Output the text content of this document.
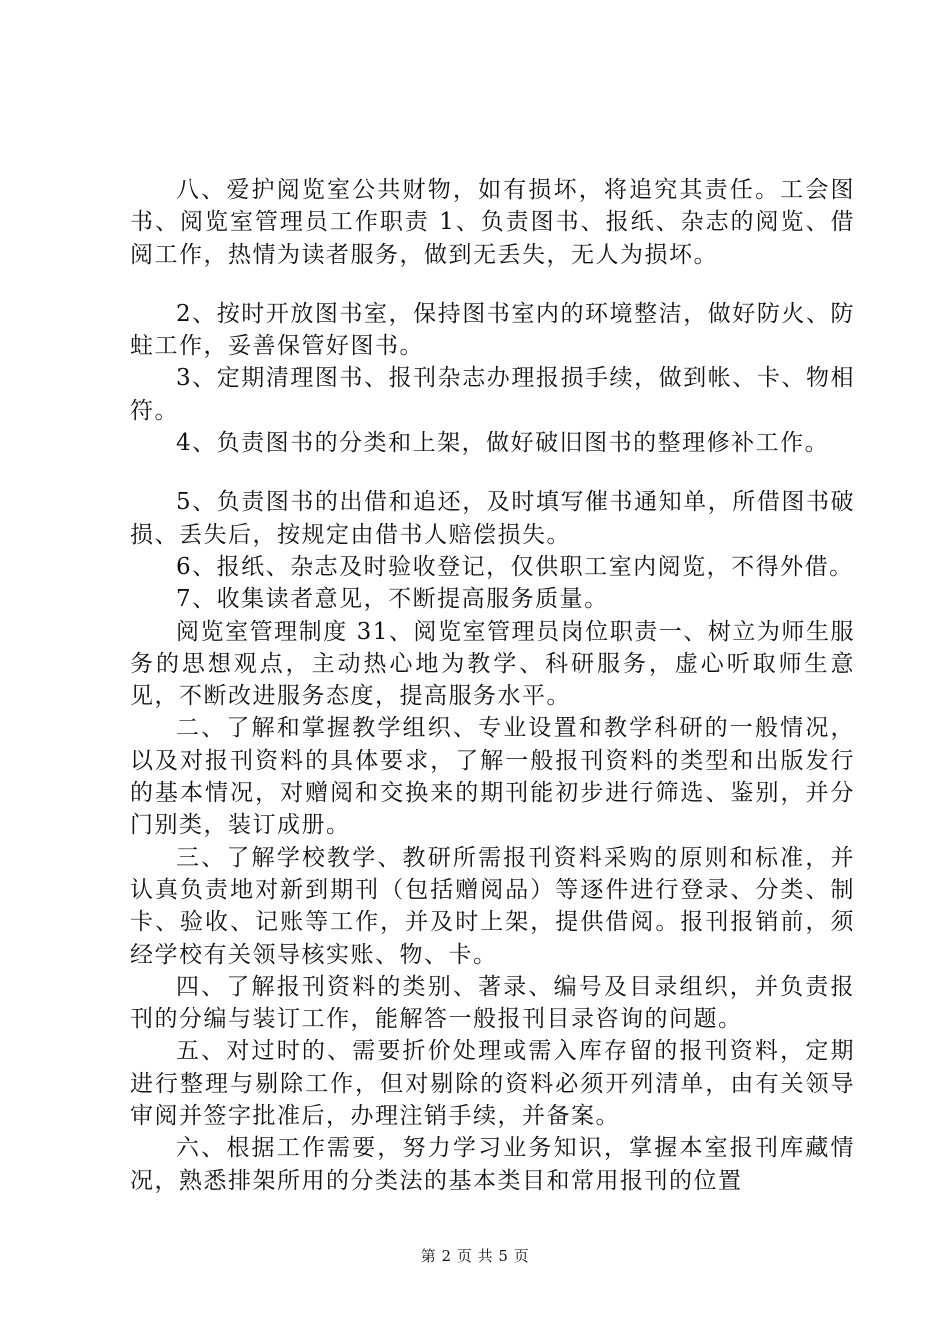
八、爱护阅览室公共财物，如有损坏，将追究其责任。工会图书、阅览室管理员工作职责 1、负责图书、报纸、杂志的阅览、借阅工作，热情为读者服务，做到无丢失，无人为损坏。

2、按时开放图书室，保持图书室内的环境整洁，做好防火、防蛀工作，妥善保管好图书。

3、定期清理图书、报刊杂志办理报损手续，做到帐、卡、物相符。

4、负责图书的分类和上架，做好破旧图书的整理修补工作。

5、负责图书的出借和追还，及时填写催书通知单，所借图书破损、丢失后，按规定由借书人赔偿损失。

6、报纸、杂志及时验收登记，仅供职工室内阅览，不得外借。

7、收集读者意见，不断提高服务质量。

阅览室管理制度 31、阅览室管理员岗位职责一、树立为师生服务的思想观点，主动热心地为教学、科研服务，虚心听取师生意见，不断改进服务态度，提高服务水平。

二、了解和掌握教学组织、专业设置和教学科研的一般情况，以及对报刊资料的具体要求，了解一般报刊资料的类型和出版发行的基本情况，对赠阅和交换来的期刊能初步进行筛选、鉴别，并分门别类，装订成册。

三、了解学校教学、教研所需报刊资料采购的原则和标准，并认真负责地对新到期刊（包括赠阅品）等逐件进行登录、分类、制卡、验收、记账等工作，并及时上架，提供借阅。报刊报销前，须经学校有关领导核实账、物、卡。

四、了解报刊资料的类别、著录、编号及目录组织，并负责报刊的分编与装订工作，能解答一般报刊目录咨询的问题。

五、对过时的、需要折价处理或需入库存留的报刊资料，定期进行整理与剔除工作，但对剔除的资料必须开列清单，由有关领导审阅并签字批准后，办理注销手续，并备案。

六、根据工作需要，努力学习业务知识，掌握本室报刊库藏情况，熟悉排架所用的分类法的基本类目和常用报刊的位置

第 2 页 共 5 页
